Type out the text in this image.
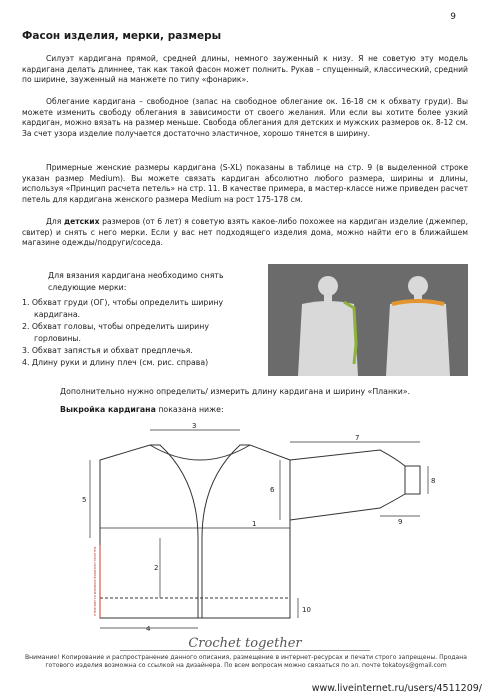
9
Фасон изделия, мерки, размеры
Силуэт кардигана прямой, средней длины, немного зауженный к низу. Я не советую эту модель кардигана делать длиннее, так как такой фасон может полнить. Рукав – спущенный, классический, средний по ширине, зауженный на манжете по типу «фонарик».
Облегание кардигана – свободное (запас на свободное облегание ок. 16-18 см к обхвату груди). Вы можете изменить свободу облегания в зависимости от своего желания. Или если вы хотите более узкий кардиган, можно вязать на размер меньше. Свобода облегания для детских и мужских размеров ок. 8-12 см. За счет узора изделие получается достаточно эластичное, хорошо тянется в ширину.
Примерные женские размеры кардигана (S-XL) показаны в таблице на стр. 9 (в выделенной строке указан размер Medium). Вы можете связать кардиган абсолютно любого размера, ширины и длины, используя «Принцип расчета петель» на стр. 11. В качестве примера, в мастер-классе ниже приведен расчет петель для кардигана женского размера Medium на рост 175-178 см.
Для детских размеров (от 6 лет) я советую взять какое-либо похожее на кардиган изделие (джемпер, свитер) и снять с него мерки. Если у вас нет подходящего изделия дома, можно найти его в ближайшем магазине одежды/подруги/соседа.
Для вязания кардигана необходимо снять следующие мерки:
1. Обхват груди (ОГ), чтобы определить ширину кардигана.
2. Обхват головы, чтобы определить ширину горловины.
3. Обхват запястья и обхват предплечья.
4. Длину руки и длину плеч (см. рис. справа)
Дополнительно нужно определить/ измерить длину кардигана и ширину «Планки».
Выкройка кардигана показана ниже:
3
7
1
4
5
2
6
8
9
10
отмечается изнанка вязаного полотна
Crochet together
Внимание! Копирование и распространение данного описания, размещение в интернет-ресурсах и печати строго запрещены. Продана готового изделия возможна со ссылкой на дизайнера. По всем вопросам можно связаться по эл. почте tokatoys@gmail.com
www.liveinternet.ru/users/4511209/
